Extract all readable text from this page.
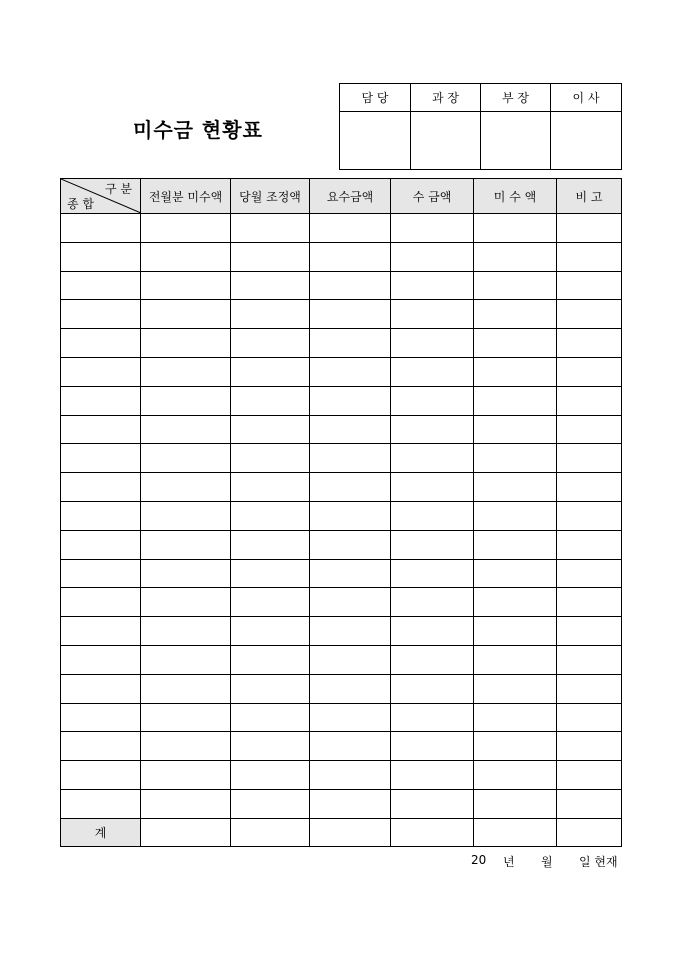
미수금 현황표
담 당	과 장	부 장	이 사

구 분
종 합	전월분 미수액	당월 조정액	요수금액	수 금액	미 수 액	비 고

계						
20 년 월 일 현재
